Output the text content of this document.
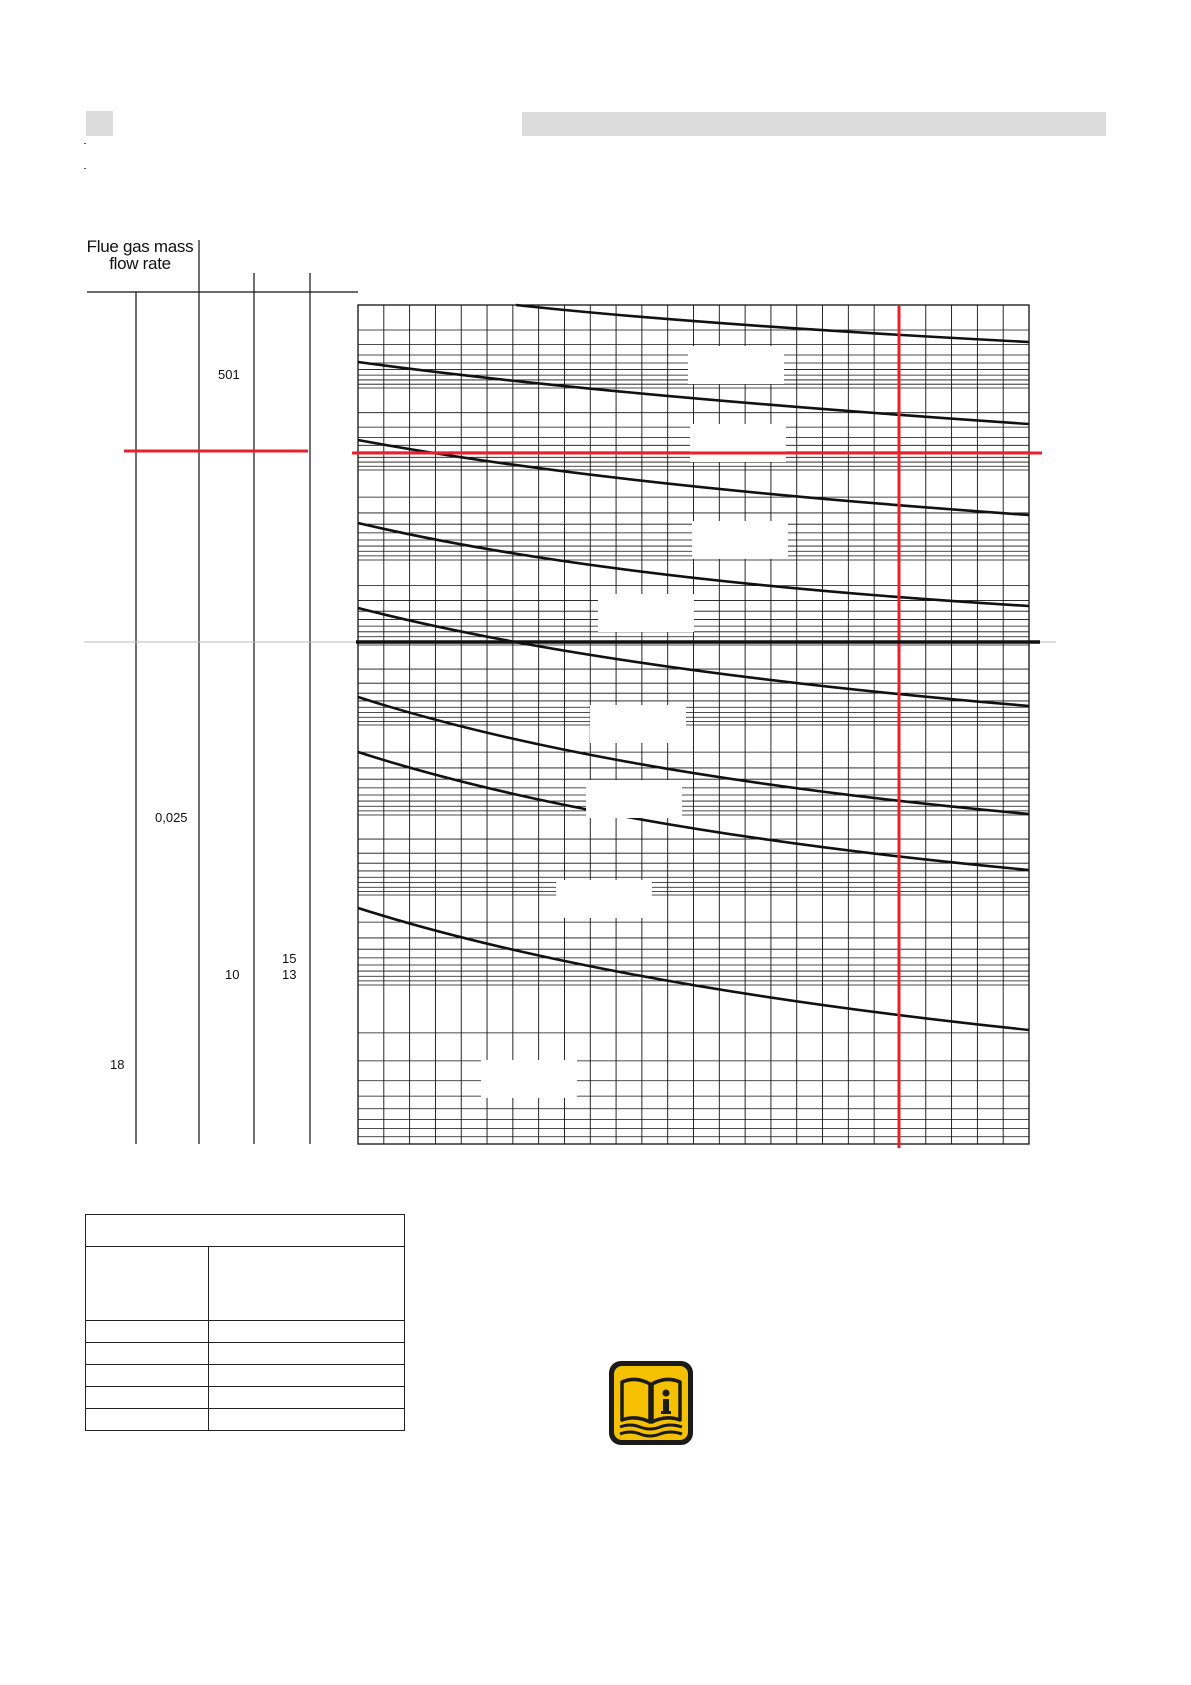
Flue gas mass
flow rate
501
0,025
15
10	13
18
